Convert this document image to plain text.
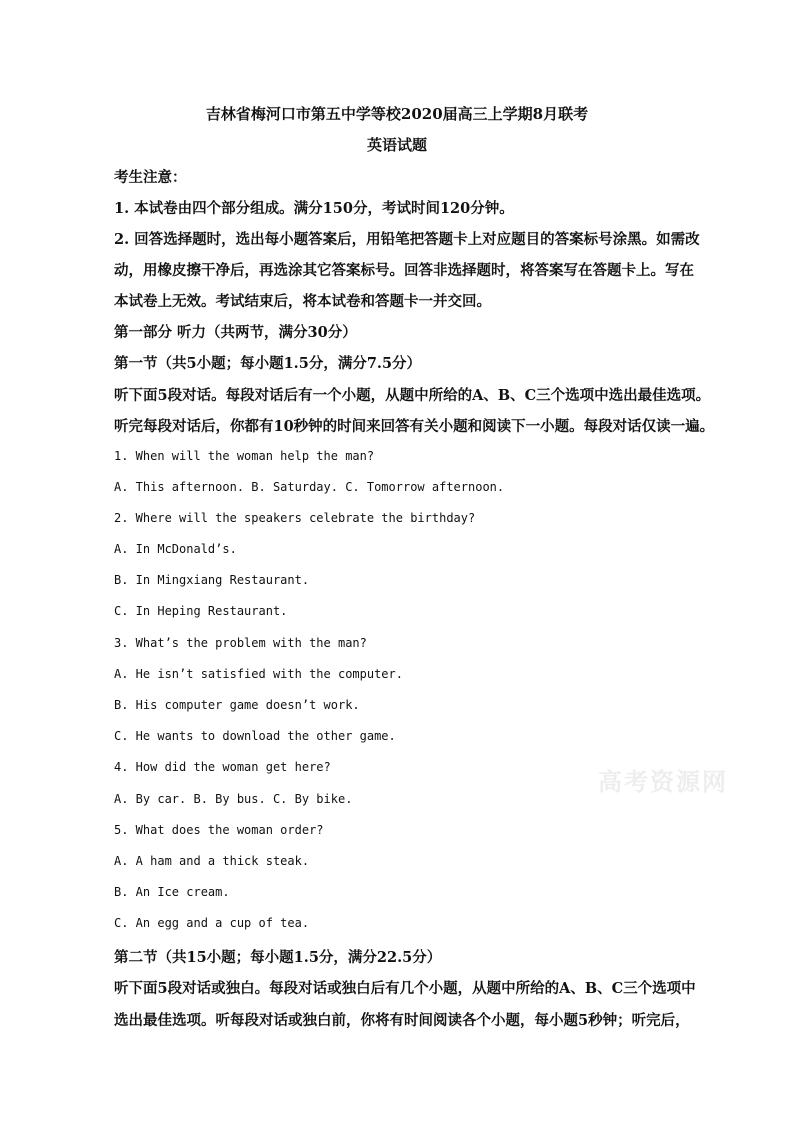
吉林省梅河口市第五中学等校2020届高三上学期8月联考
英语试题
考生注意：
1. 本试卷由四个部分组成。满分150分，考试时间120分钟。
2. 回答选择题时，选出每小题答案后，用铅笔把答题卡上对应题目的答案标号涂黑。如需改
动，用橡皮擦干净后，再选涂其它答案标号。回答非选择题时，将答案写在答题卡上。写在
本试卷上无效。考试结束后，将本试卷和答题卡一并交回。
第一部分 听力（共两节，满分30分）
第一节（共5小题；每小题1.5分，满分7.5分）
听下面5段对话。每段对话后有一个小题，从题中所给的A、B、C三个选项中选出最佳选项。
听完每段对话后，你都有10秒钟的时间来回答有关小题和阅读下一小题。每段对话仅读一遍。
1. When will the woman help the man?
A. This afternoon. B. Saturday. C. Tomorrow afternoon.
2. Where will the speakers celebrate the birthday?
A. In McDonald’s.
B. In Mingxiang Restaurant.
C. In Heping Restaurant.
3. What’s the problem with the man?
A. He isn’t satisfied with the computer.
B. His computer game doesn’t work.
C. He wants to download the other game.
4. How did the woman get here?
A. By car. B. By bus. C. By bike.
5. What does the woman order?
A. A ham and a thick steak.
B. An Ice cream.
C. An egg and a cup of tea.
第二节（共15小题；每小题1.5分，满分22.5分）
听下面5段对话或独白。每段对话或独白后有几个小题，从题中所给的A、B、C三个选项中
选出最佳选项。听每段对话或独白前，你将有时间阅读各个小题，每小题5秒钟；听完后，
高考资源网
